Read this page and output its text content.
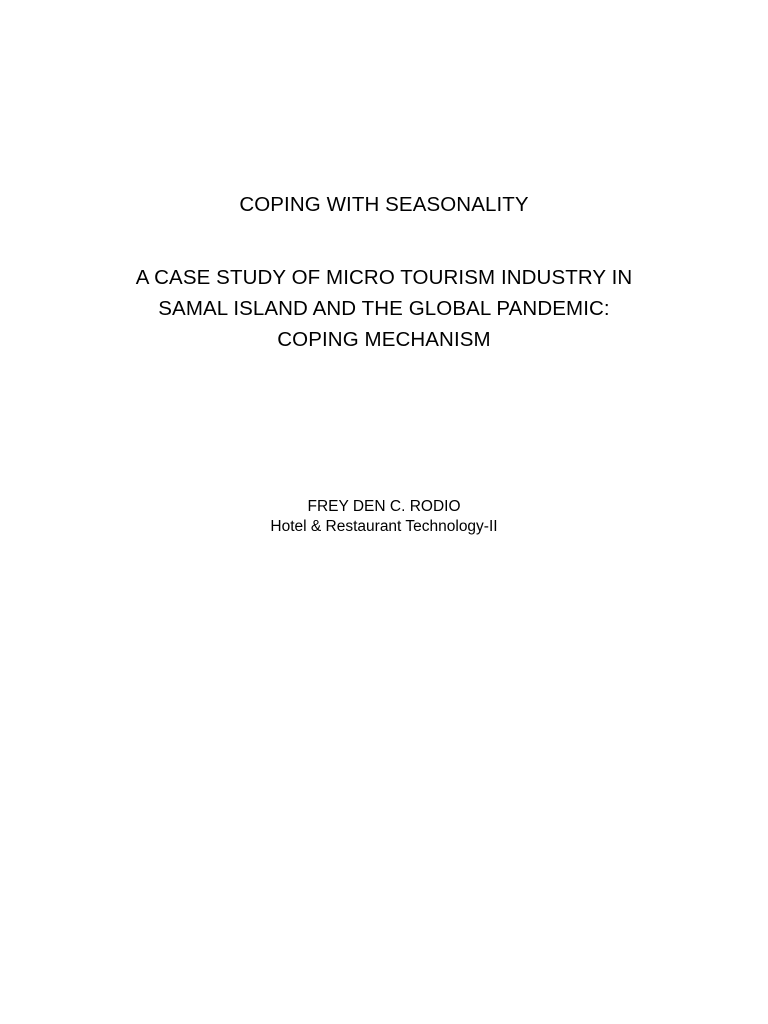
COPING WITH SEASONALITY
A CASE STUDY OF MICRO TOURISM INDUSTRY IN
SAMAL ISLAND AND THE GLOBAL PANDEMIC:
COPING MECHANISM
FREY DEN C. RODIO
Hotel & Restaurant Technology-II
